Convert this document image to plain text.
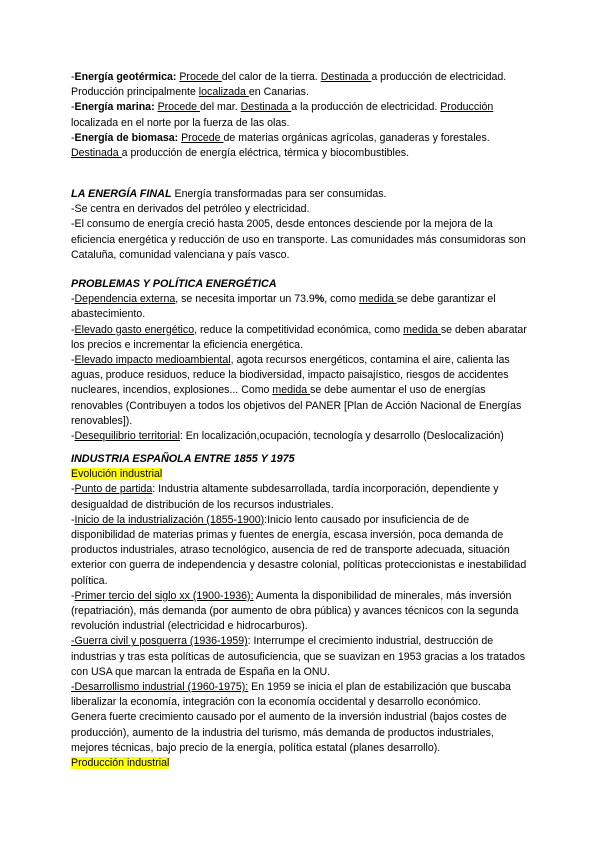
-Energía geotérmica: Procede del calor de la tierra. Destinada a producción de electricidad. Producción principalmente localizada en Canarias.

-Energía marina: Procede del mar. Destinada a la producción de electricidad. Producción localizada en el norte por la fuerza de las olas.

-Energía de biomasa: Procede de materias orgánicas agrícolas, ganaderas y forestales. Destinada a producción de energía eléctrica, térmica y biocombustibles.

LA ENERGÍA FINAL Energía transformadas para ser consumidas.

-Se centra en derivados del petróleo y electricidad.

-El consumo de energía creció hasta 2005, desde entonces desciende por la mejora de la eficiencia energética y reducción de uso en transporte. Las comunidades más consumidoras son Cataluña, comunidad valenciana y país vasco.

PROBLEMAS Y POLÍTICA ENERGÉTICA

-Dependencia externa, se necesita importar un 73.9%, como medida se debe garantizar el abastecimiento.

-Elevado gasto energético, reduce la competitividad económica, como medida se deben abaratar los precios e incrementar la eficiencia energética.

-Elevado impacto medioambiental, agota recursos energéticos, contamina el aire, calienta las aguas, produce residuos, reduce la biodiversidad, impacto paisajístico, riesgos de accidentes nucleares, incendios, explosiones... Como medida se debe aumentar el uso de energías renovables (Contribuyen a todos los objetivos del PANER [Plan de Acción Nacional de Energías renovables]).

-Desequilibrio territorial: En localización,ocupación, tecnología y desarrollo (Deslocalización)

INDUSTRIA ESPAÑOLA ENTRE 1855 Y 1975

Evolución industrial

-Punto de partida: Industria altamente subdesarrollada, tardía incorporación, dependiente y desigualdad de distribución de los recursos industriales.

-Inicio de la industrialización (1855-1900):Inicio lento causado por insuficiencia de de disponibilidad de materias primas y fuentes de energía, escasa inversión, poca demanda de productos industriales, atraso tecnológico, ausencia de red de transporte adecuada, situación exterior con guerra de independencia y desastre colonial, políticas proteccionistas e inestabilidad política.

-Primer tercio del siglo xx (1900-1936): Aumenta la disponibilidad de minerales, más inversión (repatriación), más demanda (por aumento de obra pública) y avances técnicos con la segunda revolución industrial (electricidad e hidrocarburos).

-Guerra civil y posguerra (1936-1959): Interrumpe el crecimiento industrial, destrucción de industrias y tras esta políticas de autosuficiencia, que se suavizan en 1953 gracias a los tratados con USA que marcan la entrada de España en la ONU.

-Desarrollismo industrial (1960-1975): En 1959 se inicia el plan de estabilización que buscaba liberalizar la economía, integración con la economía occidental y desarrollo económico.

Genera fuerte crecimiento causado por el aumento de la inversión industrial (bajos costes de producción), aumento de la industria del turismo, más demanda de productos industriales, mejores técnicas, bajo precio de la energía, política estatal (planes desarrollo).

Producción industrial
